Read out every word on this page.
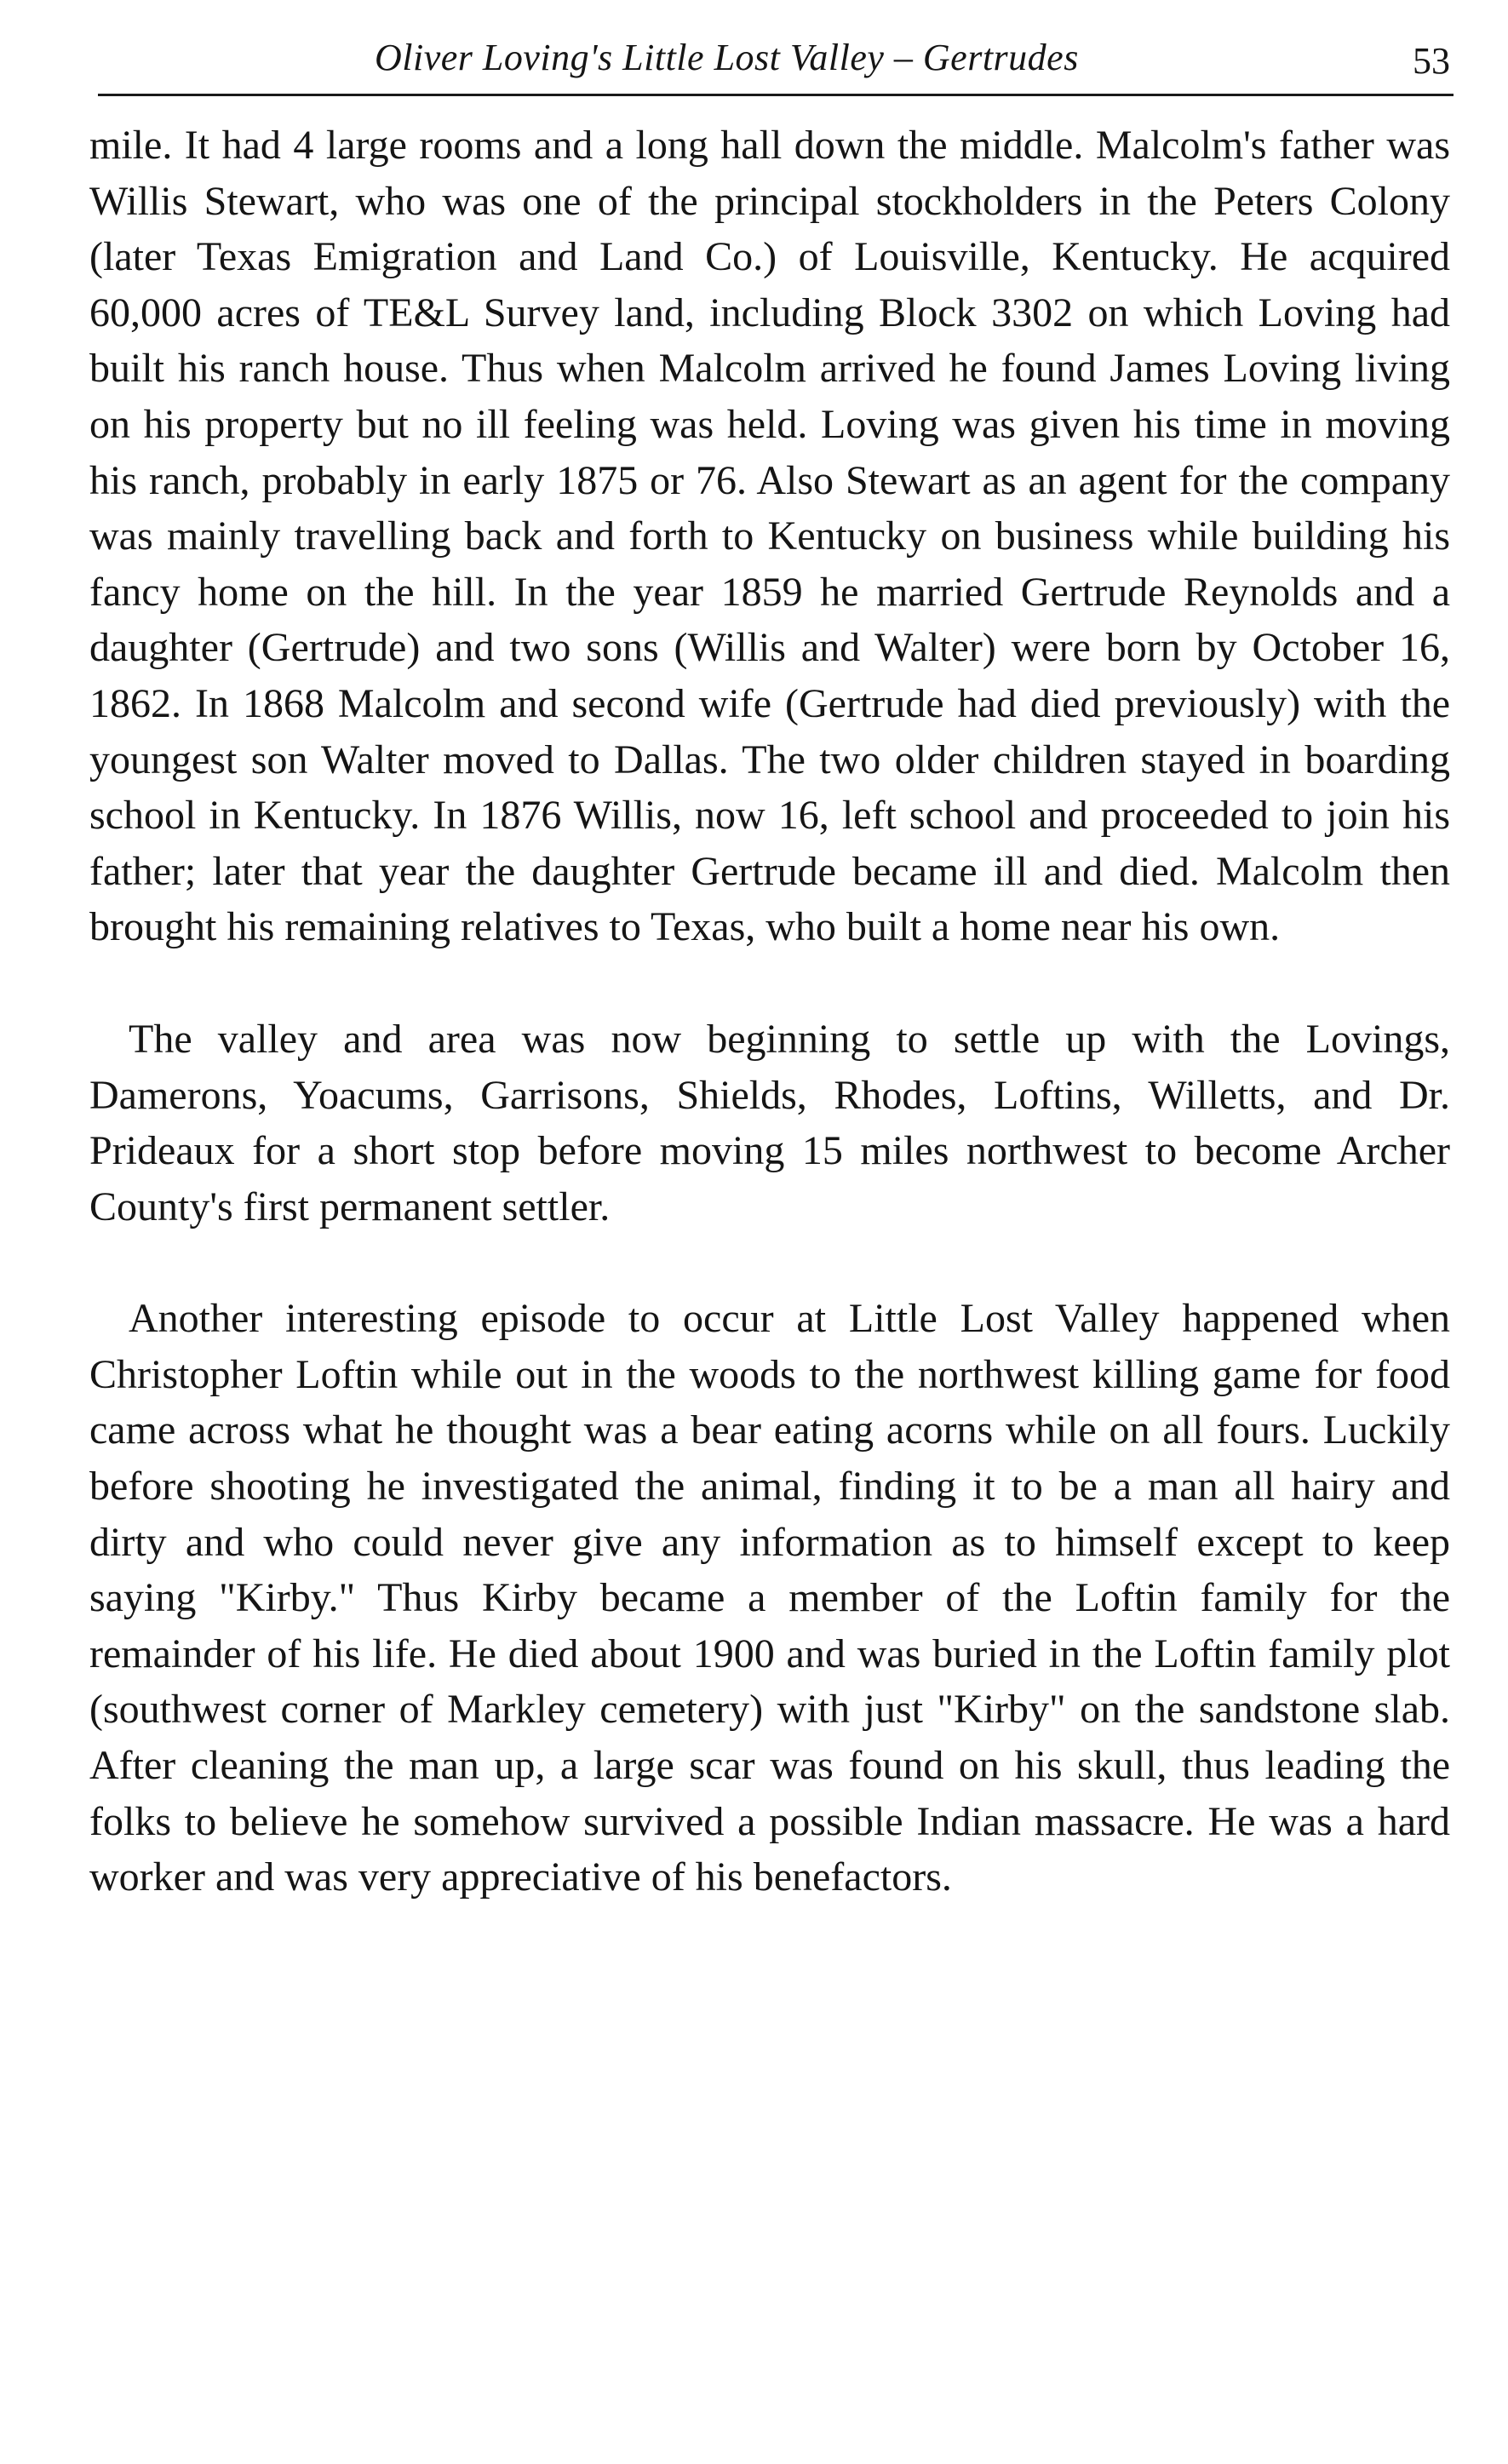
Oliver Loving's Little Lost Valley – Gertrudes	53

mile. It had 4 large rooms and a long hall down the middle. Malcolm's father was Willis Stewart, who was one of the principal stockholders in the Peters Colony (later Texas Emigration and Land Co.) of Louisville, Kentucky. He acquired 60,000 acres of TE&L Survey land, including Block 3302 on which Loving had built his ranch house. Thus when Malcolm arrived he found James Loving living on his property but no ill feeling was held. Loving was given his time in moving his ranch, probably in early 1875 or 76. Also Stewart as an agent for the company was mainly travelling back and forth to Kentucky on business while building his fancy home on the hill. In the year 1859 he married Gertrude Reynolds and a daughter (Gertrude) and two sons (Willis and Walter) were born by October 16, 1862. In 1868 Malcolm and second wife (Gertrude had died previously) with the youngest son Walter moved to Dallas. The two older children stayed in boarding school in Kentucky. In 1876 Willis, now 16, left school and proceeded to join his father; later that year the daughter Gertrude became ill and died. Malcolm then brought his remaining relatives to Texas, who built a home near his own.

The valley and area was now beginning to settle up with the Lovings, Damerons, Yoacums, Garrisons, Shields, Rhodes, Loftins, Willetts, and Dr. Prideaux for a short stop before moving 15 miles northwest to become Archer County's first permanent settler.

Another interesting episode to occur at Little Lost Valley happened when Christopher Loftin while out in the woods to the northwest killing game for food came across what he thought was a bear eating acorns while on all fours. Luckily before shooting he investigated the animal, finding it to be a man all hairy and dirty and who could never give any information as to himself except to keep saying "Kirby." Thus Kirby became a member of the Loftin family for the remainder of his life. He died about 1900 and was buried in the Loftin family plot (southwest corner of Markley cemetery) with just "Kirby" on the sandstone slab. After cleaning the man up, a large scar was found on his skull, thus leading the folks to believe he somehow survived a possible Indian massacre. He was a hard worker and was very appreciative of his benefactors.
